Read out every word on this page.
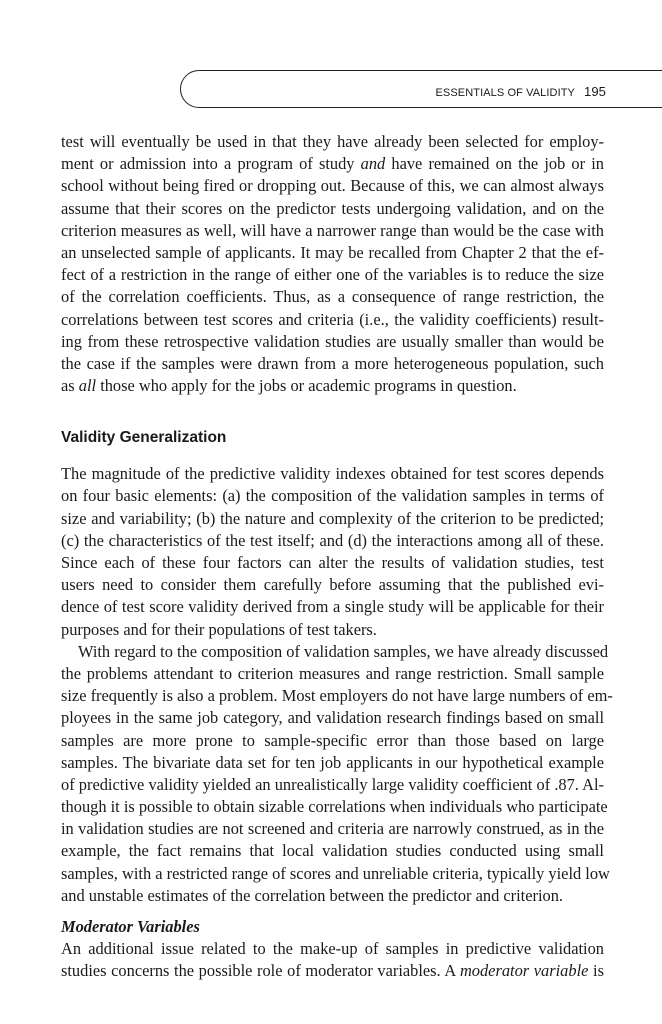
ESSENTIALS OF VALIDITY 195
test will eventually be used in that they have already been selected for employ-
ment or admission into a program of study and have remained on the job or in
school without being fired or dropping out. Because of this, we can almost always
assume that their scores on the predictor tests undergoing validation, and on the
criterion measures as well, will have a narrower range than would be the case with
an unselected sample of applicants. It may be recalled from Chapter 2 that the ef-
fect of a restriction in the range of either one of the variables is to reduce the size
of the correlation coefficients. Thus, as a consequence of range restriction, the
correlations between test scores and criteria (i.e., the validity coefficients) result-
ing from these retrospective validation studies are usually smaller than would be
the case if the samples were drawn from a more heterogeneous population, such
as all those who apply for the jobs or academic programs in question.
Validity Generalization
The magnitude of the predictive validity indexes obtained for test scores depends
on four basic elements: (a) the composition of the validation samples in terms of
size and variability; (b) the nature and complexity of the criterion to be predicted;
(c) the characteristics of the test itself; and (d) the interactions among all of these.
Since each of these four factors can alter the results of validation studies, test
users need to consider them carefully before assuming that the published evi-
dence of test score validity derived from a single study will be applicable for their
purposes and for their populations of test takers.
With regard to the composition of validation samples, we have already discussed
the problems attendant to criterion measures and range restriction. Small sample
size frequently is also a problem. Most employers do not have large numbers of em-
ployees in the same job category, and validation research findings based on small
samples are more prone to sample-specific error than those based on large
samples. The bivariate data set for ten job applicants in our hypothetical example
of predictive validity yielded an unrealistically large validity coefficient of .87. Al-
though it is possible to obtain sizable correlations when individuals who participate
in validation studies are not screened and criteria are narrowly construed, as in the
example, the fact remains that local validation studies conducted using small
samples, with a restricted range of scores and unreliable criteria, typically yield low
and unstable estimates of the correlation between the predictor and criterion.
Moderator Variables
An additional issue related to the make-up of samples in predictive validation
studies concerns the possible role of moderator variables. A moderator variable is
